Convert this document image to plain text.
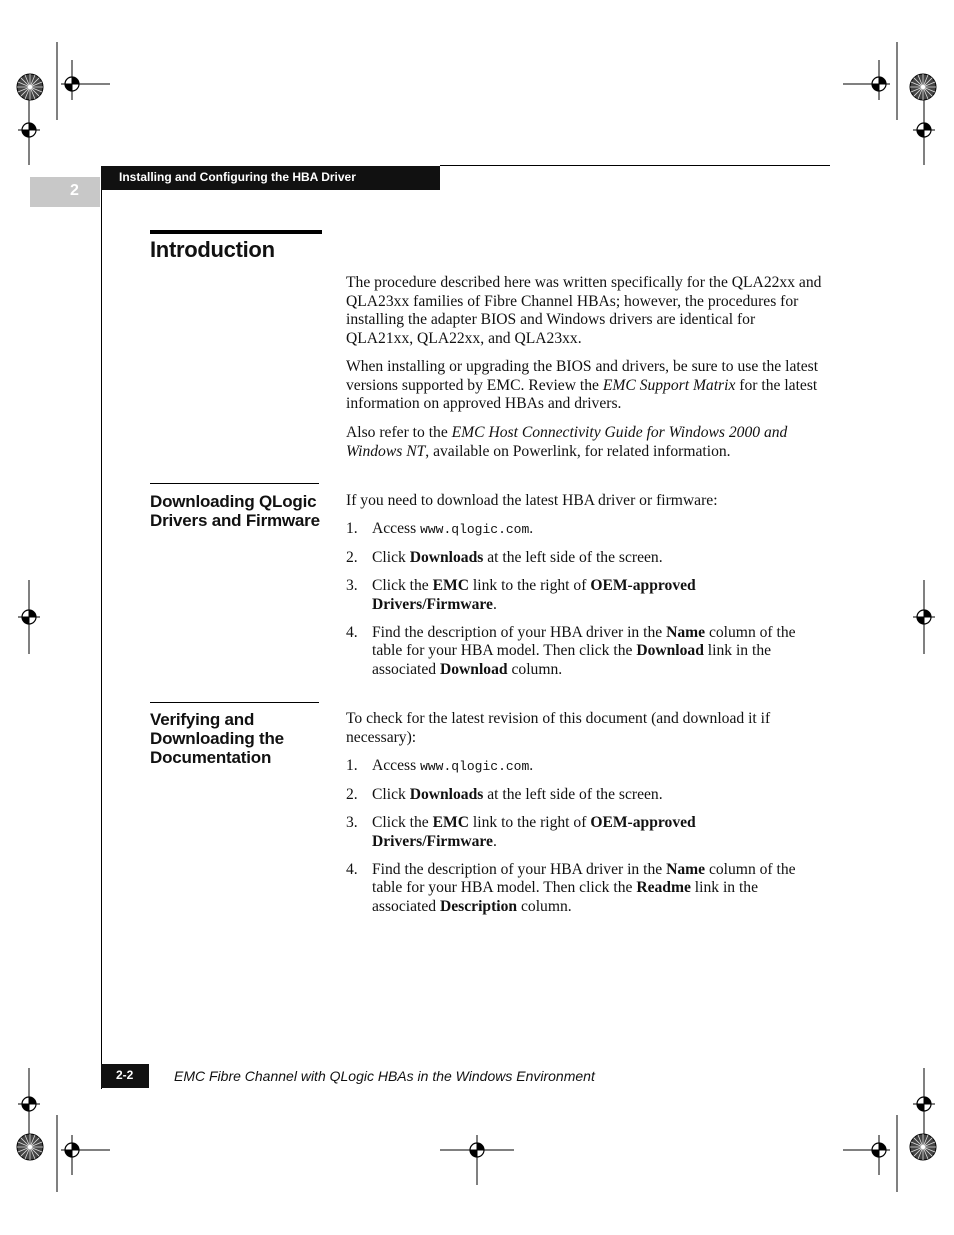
2
Installing and Configuring the HBA Driver
Introduction

The procedure described here was written specifically for the QLA22xx and QLA23xx families of Fibre Channel HBAs; however, the procedures for installing the adapter BIOS and Windows drivers are identical for QLA21xx, QLA22xx, and QLA23xx.

When installing or upgrading the BIOS and drivers, be sure to use the latest versions supported by EMC. Review the EMC Support Matrix for the latest information on approved HBAs and drivers.

Also refer to the EMC Host Connectivity Guide for Windows 2000 and Windows NT, available on Powerlink, for related information.

Downloading QLogic Drivers and Firmware

If you need to download the latest HBA driver or firmware:

1. Access www.qlogic.com.
2. Click Downloads at the left side of the screen.
3. Click the EMC link to the right of OEM-approved Drivers/Firmware.
4. Find the description of your HBA driver in the Name column of the table for your HBA model. Then click the Download link in the associated Download column.
Verifying and Downloading the Documentation

To check for the latest revision of this document (and download it if necessary):

1. Access www.qlogic.com.
2. Click Downloads at the left side of the screen.
3. Click the EMC link to the right of OEM-approved Drivers/Firmware.
4. Find the description of your HBA driver in the Name column of the table for your HBA model. Then click the Readme link in the associated Description column.
2-2	EMC Fibre Channel with QLogic HBAs in the Windows Environment
